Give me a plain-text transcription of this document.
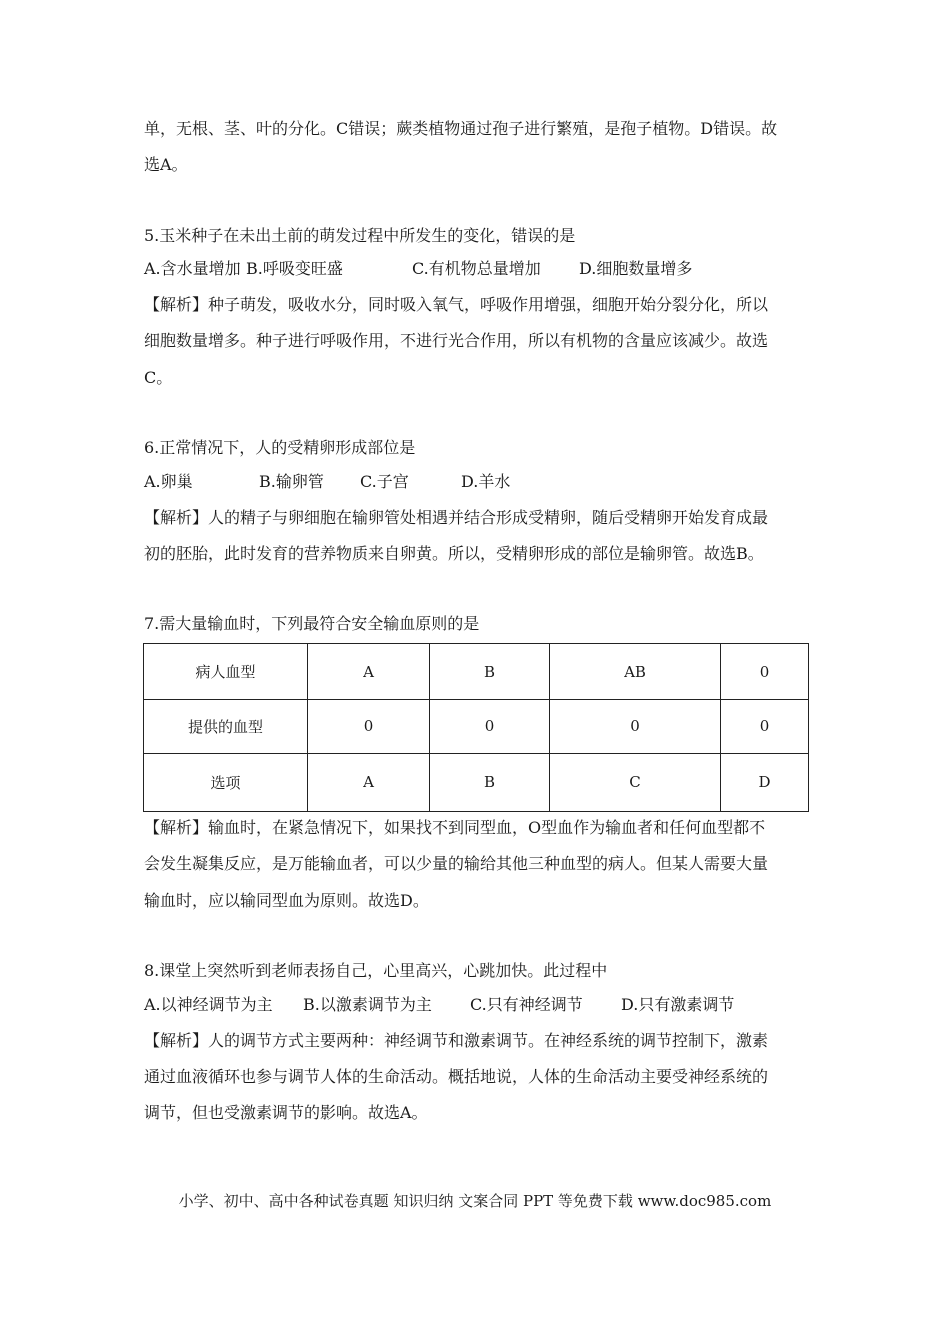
单，无根、茎、叶的分化。C错误；蕨类植物通过孢子进行繁殖，是孢子植物。D错误。故
选A。
5.玉米种子在未出土前的萌发过程中所发生的变化，错误的是
A.含水量增加 B.呼吸变旺盛	C.有机物总量增加	D.细胞数量增多
【解析】种子萌发，吸收水分，同时吸入氧气，呼吸作用增强，细胞开始分裂分化，所以
细胞数量增多。种子进行呼吸作用，不进行光合作用，所以有机物的含量应该减少。故选
C。
6.正常情况下，人的受精卵形成部位是
A.卵巢	B.输卵管	C.子宫	D.羊水
【解析】人的精子与卵细胞在输卵管处相遇并结合形成受精卵，随后受精卵开始发育成最
初的胚胎，此时发育的营养物质来自卵黄。所以，受精卵形成的部位是输卵管。故选B。
7.需大量输血时，下列最符合安全输血原则的是
病人血型	A	B	AB	0
提供的血型	0	0	0	0
选项	A	B	C	D
【解析】输血时，在紧急情况下，如果找不到同型血，O型血作为输血者和任何血型都不
会发生凝集反应，是万能输血者，可以少量的输给其他三种血型的病人。但某人需要大量
输血时，应以输同型血为原则。故选D。
8.课堂上突然听到老师表扬自己，心里高兴，心跳加快。此过程中
A.以神经调节为主	B.以激素调节为主	C.只有神经调节	D.只有激素调节
【解析】人的调节方式主要两种：神经调节和激素调节。在神经系统的调节控制下，激素
通过血液循环也参与调节人体的生命活动。概括地说，人体的生命活动主要受神经系统的
调节，但也受激素调节的影响。故选A。
小学、初中、高中各种试卷真题 知识归纳 文案合同 PPT 等免费下载 www.doc985.com
